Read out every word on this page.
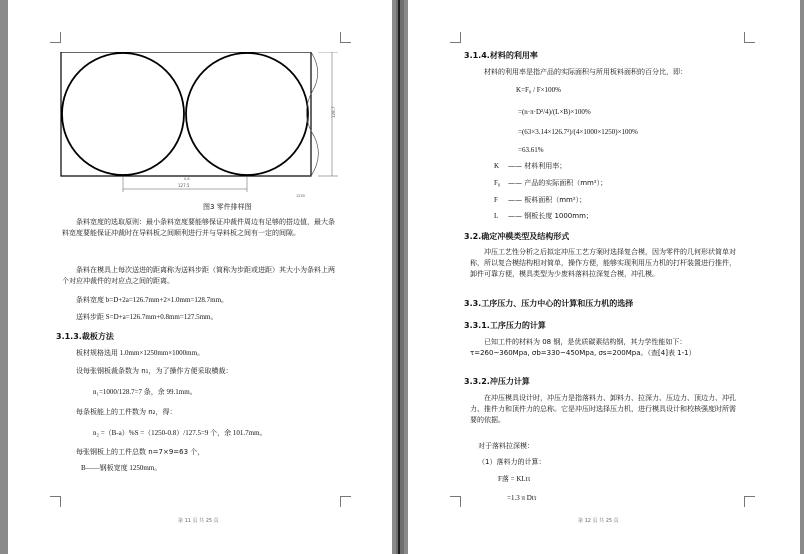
128.7
127.5
0.8
1250
图3 零件排样图
条料宽度的选取原则：最小条料宽度要能够保证冲裁件周边有足够的搭边值，最大条料宽度要能保证冲裁时在导料板之间顺利进行并与导料板之间有一定的间隙。
条料在模具上每次送进的距离称为送料步距（简称为步距或进距）其大小为条料上两个对应冲裁件的对应点之间的距离。
条料宽度 b=D+2a=126.7mm+2×1.0mm=128.7mm。
送料步距 S=D+a=126.7mm+0.8mm=127.5mm。
3.1.3.裁板方法
板材规格选用 1.0mm×1250mm×1000mm。
设每张钢板裁条数为 n₁，为了操作方便采取横裁：
n₁=1000/128.7=7 条，余 99.1mm。
每条板能上的工件数为 n₂，得：
n₂ =（B-a）%S =（1250-0.8）/127.5=9 个，余 101.7mm。
每张钢板上的工件总数 n=7×9=63 个，
B——钢板宽度 1250mm。
第 11 页 共 25 页
3.1.4.材料的利用率
材料的利用率是指产品的实际面积与所用板料面积的百分比，即：
K=F₀ / F×100%
=(n·π·D²/4)/(L×B)×100%
=(63×3.14×126.7²)/(4×1000×1250)×100%
=63.61%
K —— 材料利用率；
F₀ —— 产品的实际面积（mm²）；
F —— 板料面积（mm²）；
L —— 钢板长度 1000mm；
3.2.确定冲模类型及结构形式
冲压工艺性分析之后拟定冲压工艺方案时选择复合模，因为零件的几何形状简单对称，所以复合模结构相对简单，操作方便，能够实现利用压力机的打杆装置进行推件，卸件可靠方便，模具类型为少废料落料拉深复合模，冲孔模。
3.3.工序压力、压力中心的计算和压力机的选择
3.3.1.工序压力的计算
已知工件的材料为 08 钢，是优质碳素结构钢，其力学性能如下：τ=260~360Mpa, σb=330~450Mpa, σs=200Mpa。（查[4]表 1-1）
3.3.2.冲压力计算
在冲压模具设计时，冲压力是指落料力、卸料力、拉深力、压边力、顶边力、冲孔力、推件力和顶件力的总称。它是冲压时选择压力机，进行模具设计和校核强度时所需要的依据。
对于落料拉深模：
（1）落料力的计算：
F落 = KLtτ
=1.3 π Dtτ
第 12 页 共 25 页
